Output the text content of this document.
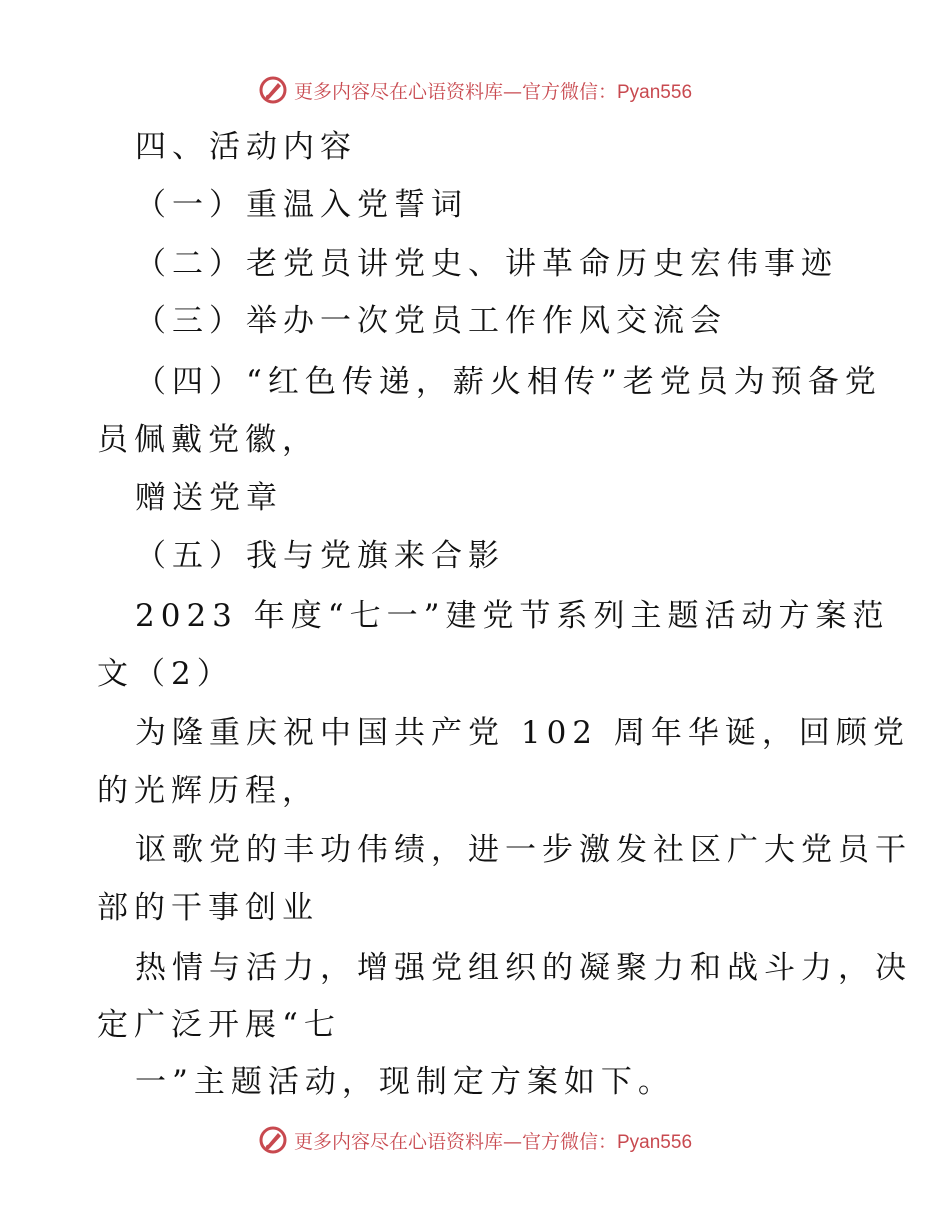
更多内容尽在心语资料库—官方微信：Pyan556
四、活动内容
（一）重温入党誓词
（二）老党员讲党史、讲革命历史宏伟事迹
（三）举办一次党员工作作风交流会
（四）“红色传递，薪火相传”老党员为预备党
员佩戴党徽，
赠送党章
（五）我与党旗来合影
2023 年度“七一”建党节系列主题活动方案范
文（2）
为隆重庆祝中国共产党 102 周年华诞，回顾党
的光辉历程，
讴歌党的丰功伟绩，进一步激发社区广大党员干
部的干事创业
热情与活力，增强党组织的凝聚力和战斗力，决
定广泛开展“七
一”主题活动，现制定方案如下。
更多内容尽在心语资料库—官方微信：Pyan556
